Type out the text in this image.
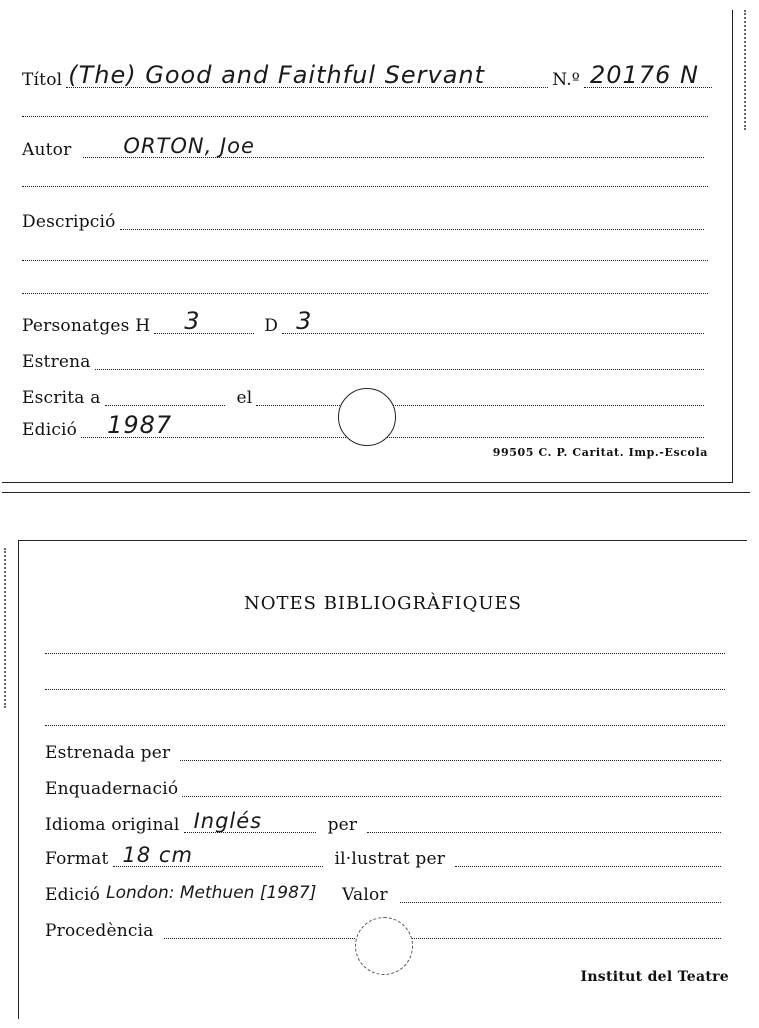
Títol (The) Good and Faithful Servant	N.º 20176 N
Autor ORTON, Joe
Descripció
Personatges H 3	D 3
Estrena
Escrita a	el
Edició 1987
99505 C. P. Caritat. Imp.-Escola
NOTES BIBLIOGRÀFIQUES
Estrenada per
Enquadernació
Idioma original Inglés	per
Format 18 cm	il·lustrat per
Edició London: Methuen [1987] Valor
Procedència
Institut del Teatre
